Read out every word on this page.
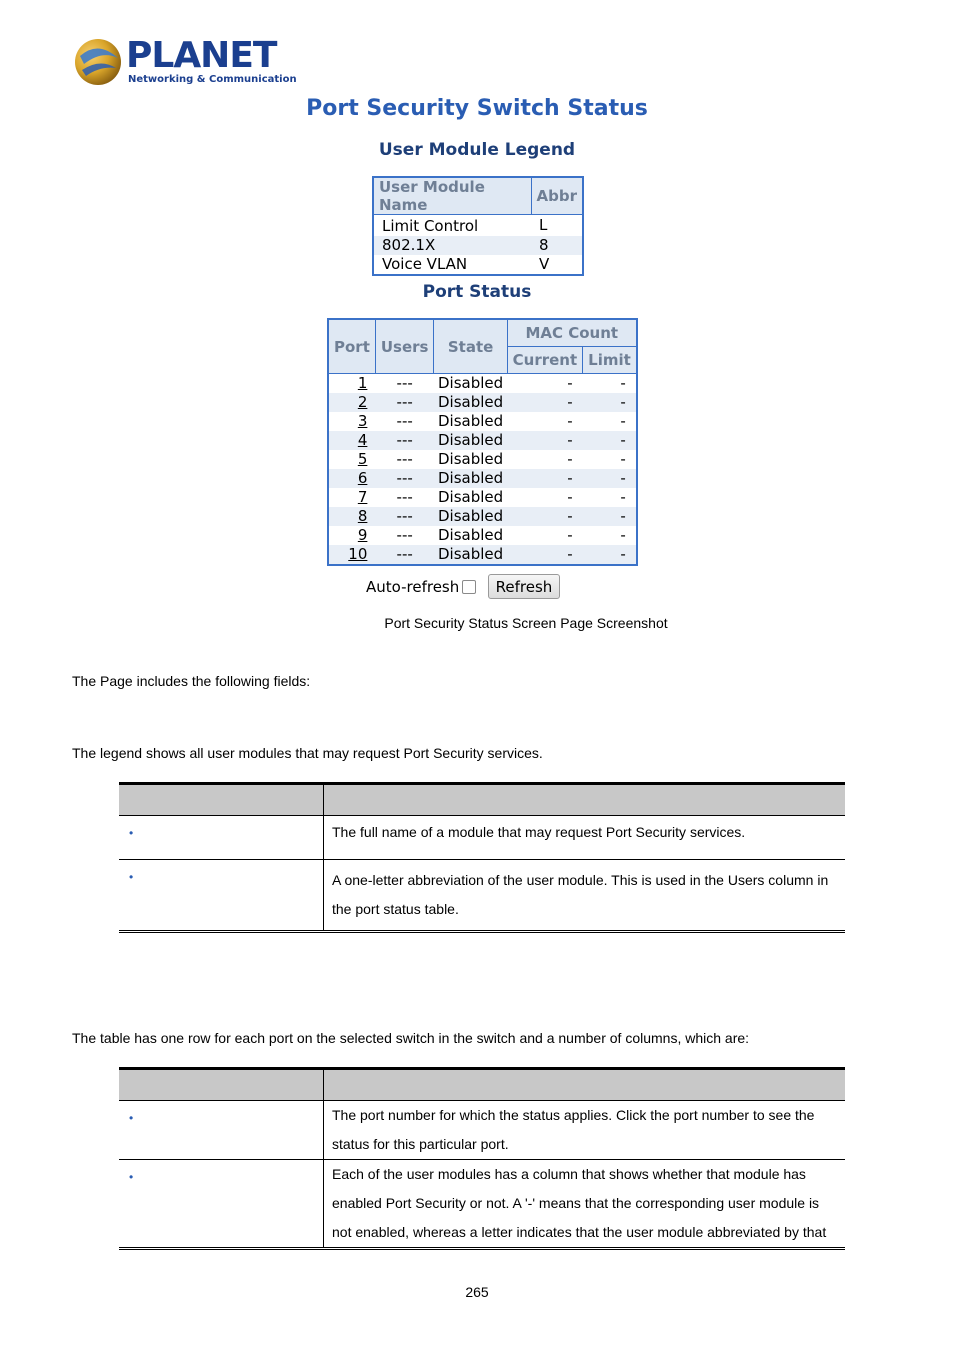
PLANET
Networking & Communication
Port Security Switch Status
User Module Legend
User Module Name	Abbr
Limit Control	L
802.1X	8
Voice VLAN	V
Port Status
Port	Users	State	MAC Count	
			Current	Limit
1	---	Disabled	-	-
2	---	Disabled	-	-
3	---	Disabled	-	-
4	---	Disabled	-	-
5	---	Disabled	-	-
6	---	Disabled	-	-
7	---	Disabled	-	-
8	---	Disabled	-	-
9	---	Disabled	-	-
10	---	Disabled	-	-
Auto-refresh	Refresh
Port Security Status Screen Page Screenshot
The Page includes the following fields:
The legend shows all user modules that may request Port Security services.

•	The full name of a module that may request Port Security services.
•	A one-letter abbreviation of the user module. This is used in the Users column in the port status table.
The table has one row for each port on the selected switch in the switch and a number of columns, which are:

•	The port number for which the status applies. Click the port number to see the status for this particular port.
•	Each of the user modules has a column that shows whether that module has enabled Port Security or not. A '-' means that the corresponding user module is not enabled, whereas a letter indicates that the user module abbreviated by that
265
